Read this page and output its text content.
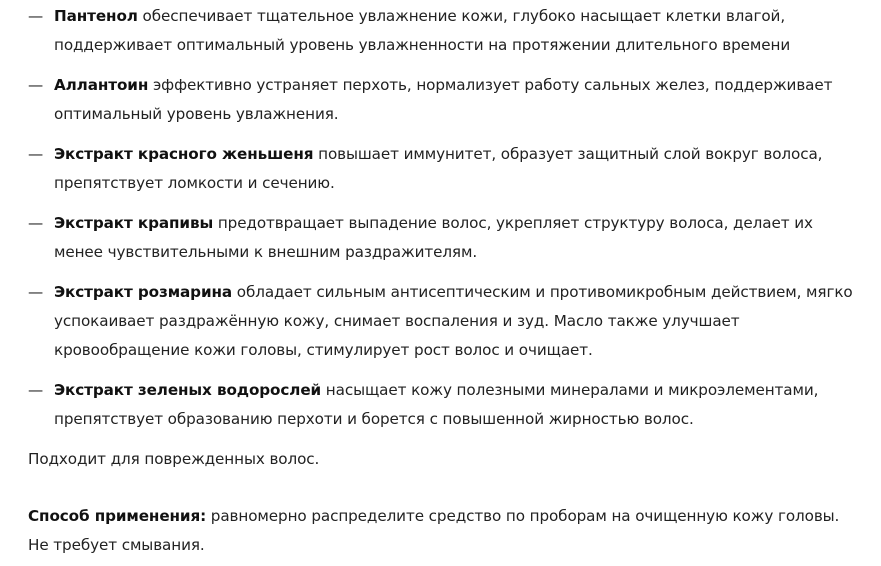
— Пантенол обеспечивает тщательное увлажнение кожи, глубоко насыщает клетки влагой, поддерживает оптимальный уровень увлажненности на протяжении длительного времени
— Аллантоин эффективно устраняет перхоть, нормализует работу сальных желез, поддерживает оптимальный уровень увлажнения.
— Экстракт красного женьшеня повышает иммунитет, образует защитный слой вокруг волоса, препятствует ломкости и сечению.
— Экстракт крапивы предотвращает выпадение волос, укрепляет структуру волоса, делает их менее чувствительными к внешним раздражителям.
— Экстракт розмарина обладает сильным антисептическим и противомикробным действием, мягко успокаивает раздражённую кожу, снимает воспаления и зуд. Масло также улучшает кровообращение кожи головы, стимулирует рост волос и очищает.
— Экстракт зеленых водорослей насыщает кожу полезными минералами и микроэлементами, препятствует образованию перхоти и борется с повышенной жирностью волос.

Подходит для поврежденных волос.

Способ применения: равномерно распределите средство по проборам на очищенную кожу головы. Не требует смывания.
